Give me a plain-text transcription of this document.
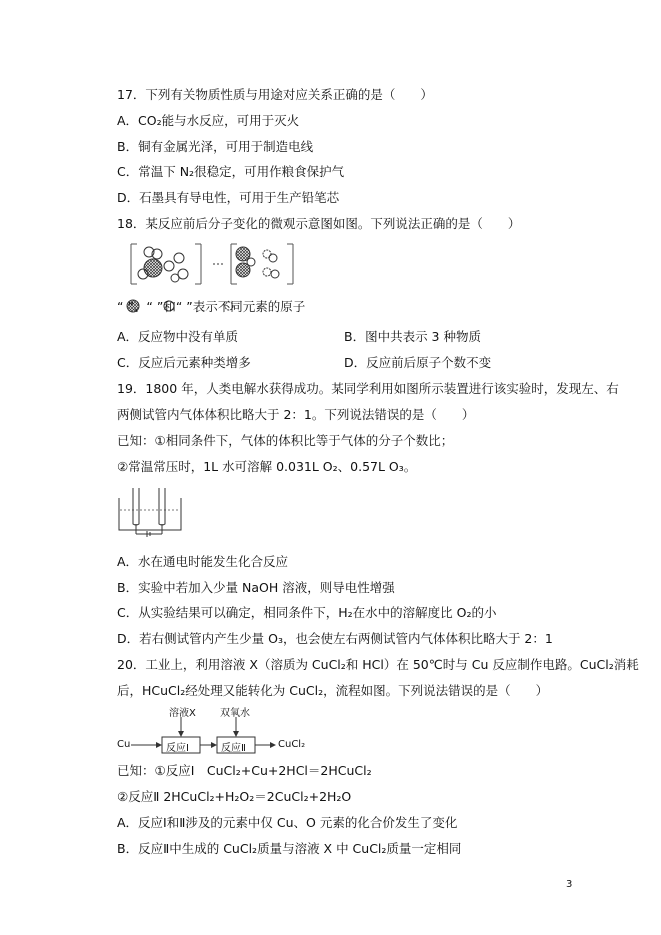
17．下列有关物质性质与用途对应关系正确的是（　　）
A．CO₂能与水反应，可用于灭火
B．铜有金属光泽，可用于制造电线
C．常温下 N₂很稳定，可用作粮食保护气
D．石墨具有导电性，可用于生产铅笔芯
18．某反应前后分子变化的微观示意图如图。下列说法正确的是（　　）
“ ”、“ ”和“ ”表示不同元素的原子
A．反应物中没有单质	B．图中共表示 3 种物质
C．反应后元素种类增多	D．反应前后原子个数不变
19．1800 年，人类电解水获得成功。某同学利用如图所示装置进行该实验时，发现左、右
两侧试管内气体体积比略大于 2：1。下列说法错误的是（　　）
已知：①相同条件下，气体的体积比等于气体的分子个数比；
②常温常压时，1L 水可溶解 0.031L O₂、0.57L O₃。
A．水在通电时能发生化合反应
B．实验中若加入少量 NaOH 溶液，则导电性增强
C．从实验结果可以确定，相同条件下，H₂在水中的溶解度比 O₂的小
D．若右侧试管内产生少量 O₃，也会使左右两侧试管内气体体积比略大于 2：1
20．工业上，利用溶液 X（溶质为 CuCl₂和 HCl）在 50℃时与 Cu 反应制作电路。CuCl₂消耗
后，HCuCl₂经处理又能转化为 CuCl₂，流程如图。下列说法错误的是（　　）
Cu
溶液X 双氧水
反应Ⅰ	反应Ⅱ	CuCl₂
已知：①反应Ⅰ　CuCl₂+Cu+2HCl＝2HCuCl₂
②反应Ⅱ 2HCuCl₂+H₂O₂＝2CuCl₂+2H₂O
A．反应Ⅰ和Ⅱ涉及的元素中仅 Cu、O 元素的化合价发生了变化
B．反应Ⅱ中生成的 CuCl₂质量与溶液 X 中 CuCl₂质量一定相同
3
